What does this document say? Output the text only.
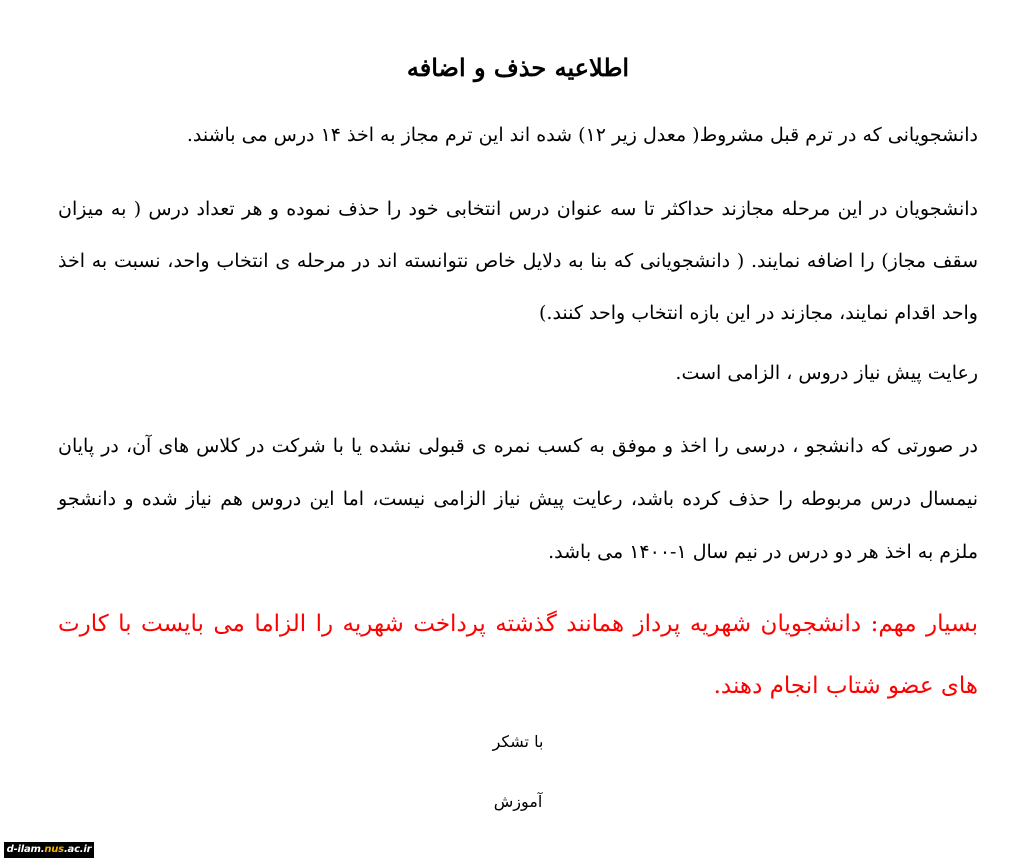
اطلاعیه حذف و اضافه

دانشجویانی که در ترم قبل مشروط( معدل زیر ۱۲) شده اند این ترم مجاز به اخذ ۱۴ درس می باشند.

دانشجویان در این مرحله مجازند حداکثر تا سه عنوان درس انتخابی خود را حذف نموده و هر تعداد درس ( به میزان سقف مجاز) را اضافه نمایند. ( دانشجویانی که بنا به دلایل خاص نتوانسته اند در مرحله ی انتخاب واحد، نسبت به اخذ واحد اقدام نمایند، مجازند در این بازه انتخاب واحد کنند.)

رعایت پیش نیاز دروس ، الزامی است.

در صورتی که دانشجو ، درسی را اخذ و موفق به کسب نمره ی قبولی نشده یا با شرکت در کلاس های آن، در پایان نیمسال درس مربوطه را حذف کرده باشد، رعایت پیش نیاز الزامی نیست، اما این دروس هم نیاز شده و دانشجو ملزم به اخذ هر دو درس در نیم سال ۱-۱۴۰۰ می باشد.

بسیار مهم: دانشجویان شهریه پرداز همانند گذشته پرداخت شهریه را الزاما می بایست با کارت های عضو شتاب انجام دهند.

با تشکر
آموزش
d-ilam.nus.ac.ir
